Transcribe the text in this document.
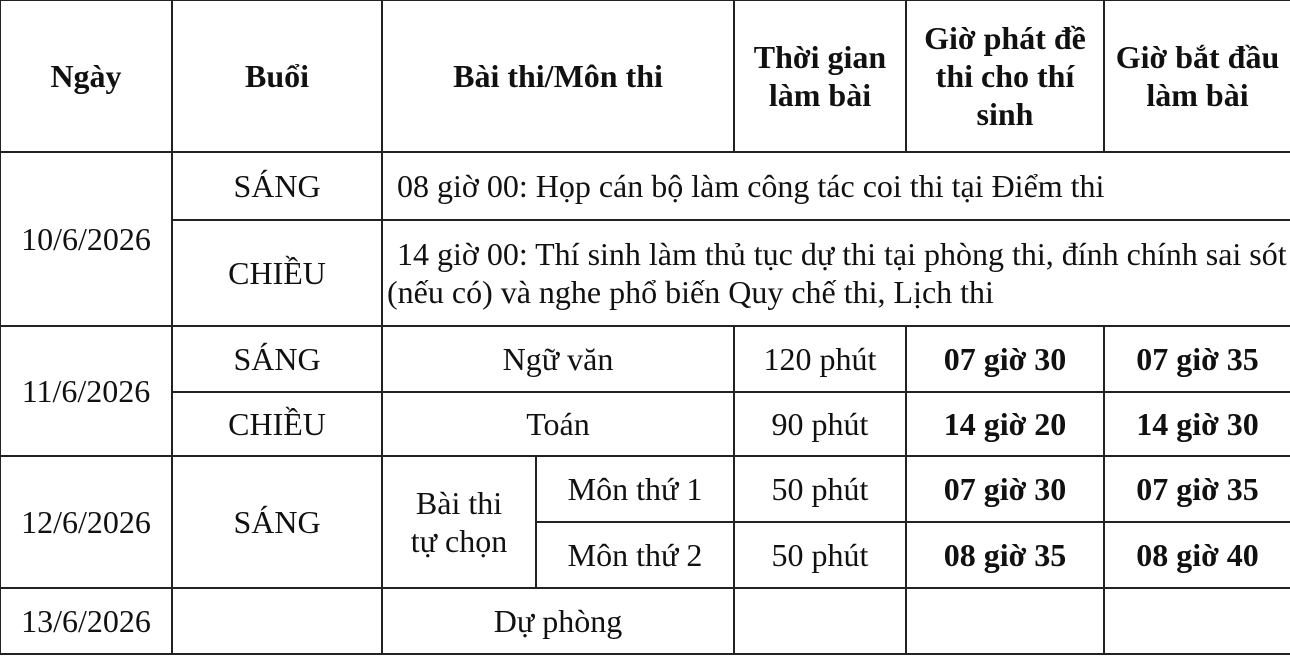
Ngày	Buổi	Bài thi/Môn thi		Thời gian làm bài	Giờ phát đề thi cho thí sinh	Giờ bắt đầu làm bài
10/6/2026	SÁNG	08 giờ 00: Họp cán bộ làm công tác coi thi tại Điểm thi				
	CHIỀU	14 giờ 00: Thí sinh làm thủ tục dự thi tại phòng thi, đính chính sai sót (nếu có) và nghe phổ biến Quy chế thi, Lịch thi				
11/6/2026	SÁNG	Ngữ văn		120 phút	07 giờ 30	07 giờ 35
	CHIỀU	Toán		90 phút	14 giờ 20	14 giờ 30
12/6/2026	SÁNG	Bài thi tự chọn	Môn thứ 1	50 phút	07 giờ 30	07 giờ 35
			Môn thứ 2	50 phút	08 giờ 35	08 giờ 40
13/6/2026		Dự phòng				
